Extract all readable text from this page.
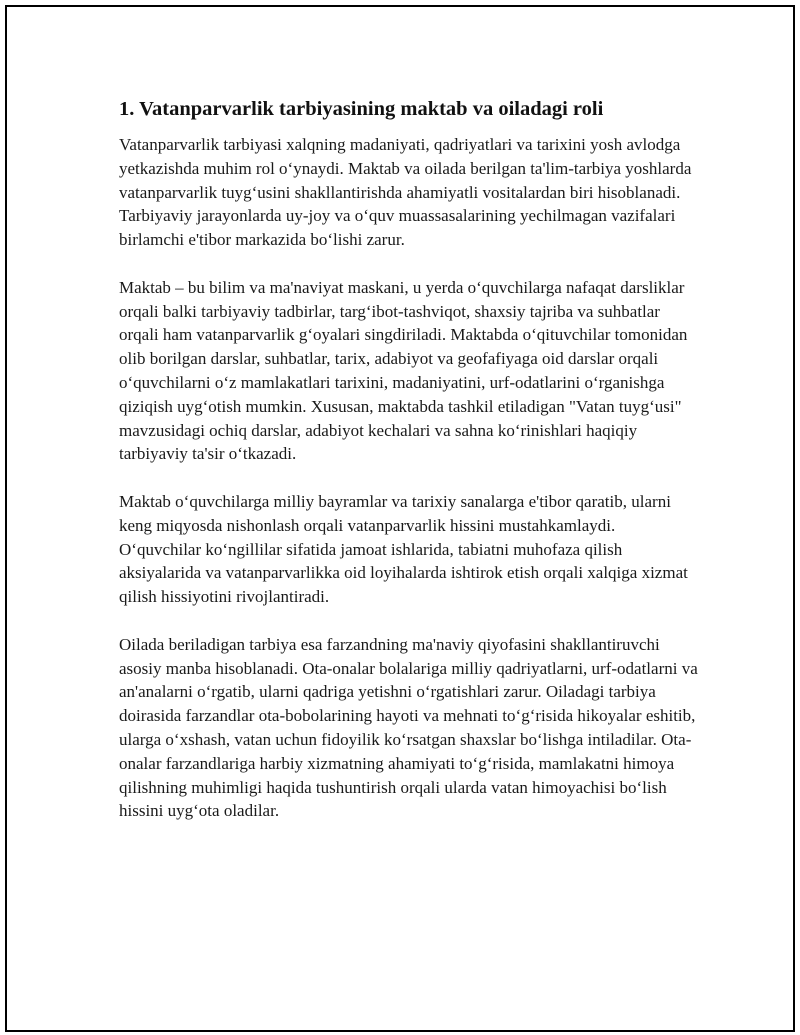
1. Vatanparvarlik tarbiyasining maktab va oiladagi roli

Vatanparvarlik tarbiyasi xalqning madaniyati, qadriyatlari va tarixini yosh avlodga yetkazishda muhim rol o‘ynaydi. Maktab va oilada berilgan ta'lim-tarbiya yoshlarda vatanparvarlik tuyg‘usini shakllantirishda ahamiyatli vositalardan biri hisoblanadi. Tarbiyaviy jarayonlarda uy-joy va o‘quv muassasalarining yechilmagan vazifalari birlamchi e'tibor markazida bo‘lishi zarur.

Maktab – bu bilim va ma'naviyat maskani, u yerda o‘quvchilarga nafaqat darsliklar orqali balki tarbiyaviy tadbirlar, targ‘ibot-tashviqot, shaxsiy tajriba va suhbatlar orqali ham vatanparvarlik g‘oyalari singdiriladi. Maktabda o‘qituvchilar tomonidan olib borilgan darslar, suhbatlar, tarix, adabiyot va geofafiyaga oid darslar orqali o‘quvchilarni o‘z mamlakatlari tarixini, madaniyatini, urf-odatlarini o‘rganishga qiziqish uyg‘otish mumkin. Xususan, maktabda tashkil etiladigan "Vatan tuyg‘usi" mavzusidagi ochiq darslar, adabiyot kechalari va sahna ko‘rinishlari haqiqiy tarbiyaviy ta'sir o‘tkazadi.

Maktab o‘quvchilarga milliy bayramlar va tarixiy sanalarga e'tibor qaratib, ularni keng miqyosda nishonlash orqali vatanparvarlik hissini mustahkamlaydi. O‘quvchilar ko‘ngillilar sifatida jamoat ishlarida, tabiatni muhofaza qilish aksiyalarida va vatanparvarlikka oid loyihalarda ishtirok etish orqali xalqiga xizmat qilish hissiyotini rivojlantiradi.

Oilada beriladigan tarbiya esa farzandning ma'naviy qiyofasini shakllantiruvchi asosiy manba hisoblanadi. Ota-onalar bolalariga milliy qadriyatlarni, urf-odatlarni va an'analarni o‘rgatib, ularni qadriga yetishni o‘rgatishlari zarur. Oiladagi tarbiya doirasida farzandlar ota-bobolarining hayoti va mehnati to‘g‘risida hikoyalar eshitib, ularga o‘xshash, vatan uchun fidoyilik ko‘rsatgan shaxslar bo‘lishga intiladilar. Ota-onalar farzandlariga harbiy xizmatning ahamiyati to‘g‘risida, mamlakatni himoya qilishning muhimligi haqida tushuntirish orqali ularda vatan himoyachisi bo‘lish hissini uyg‘ota oladilar.
